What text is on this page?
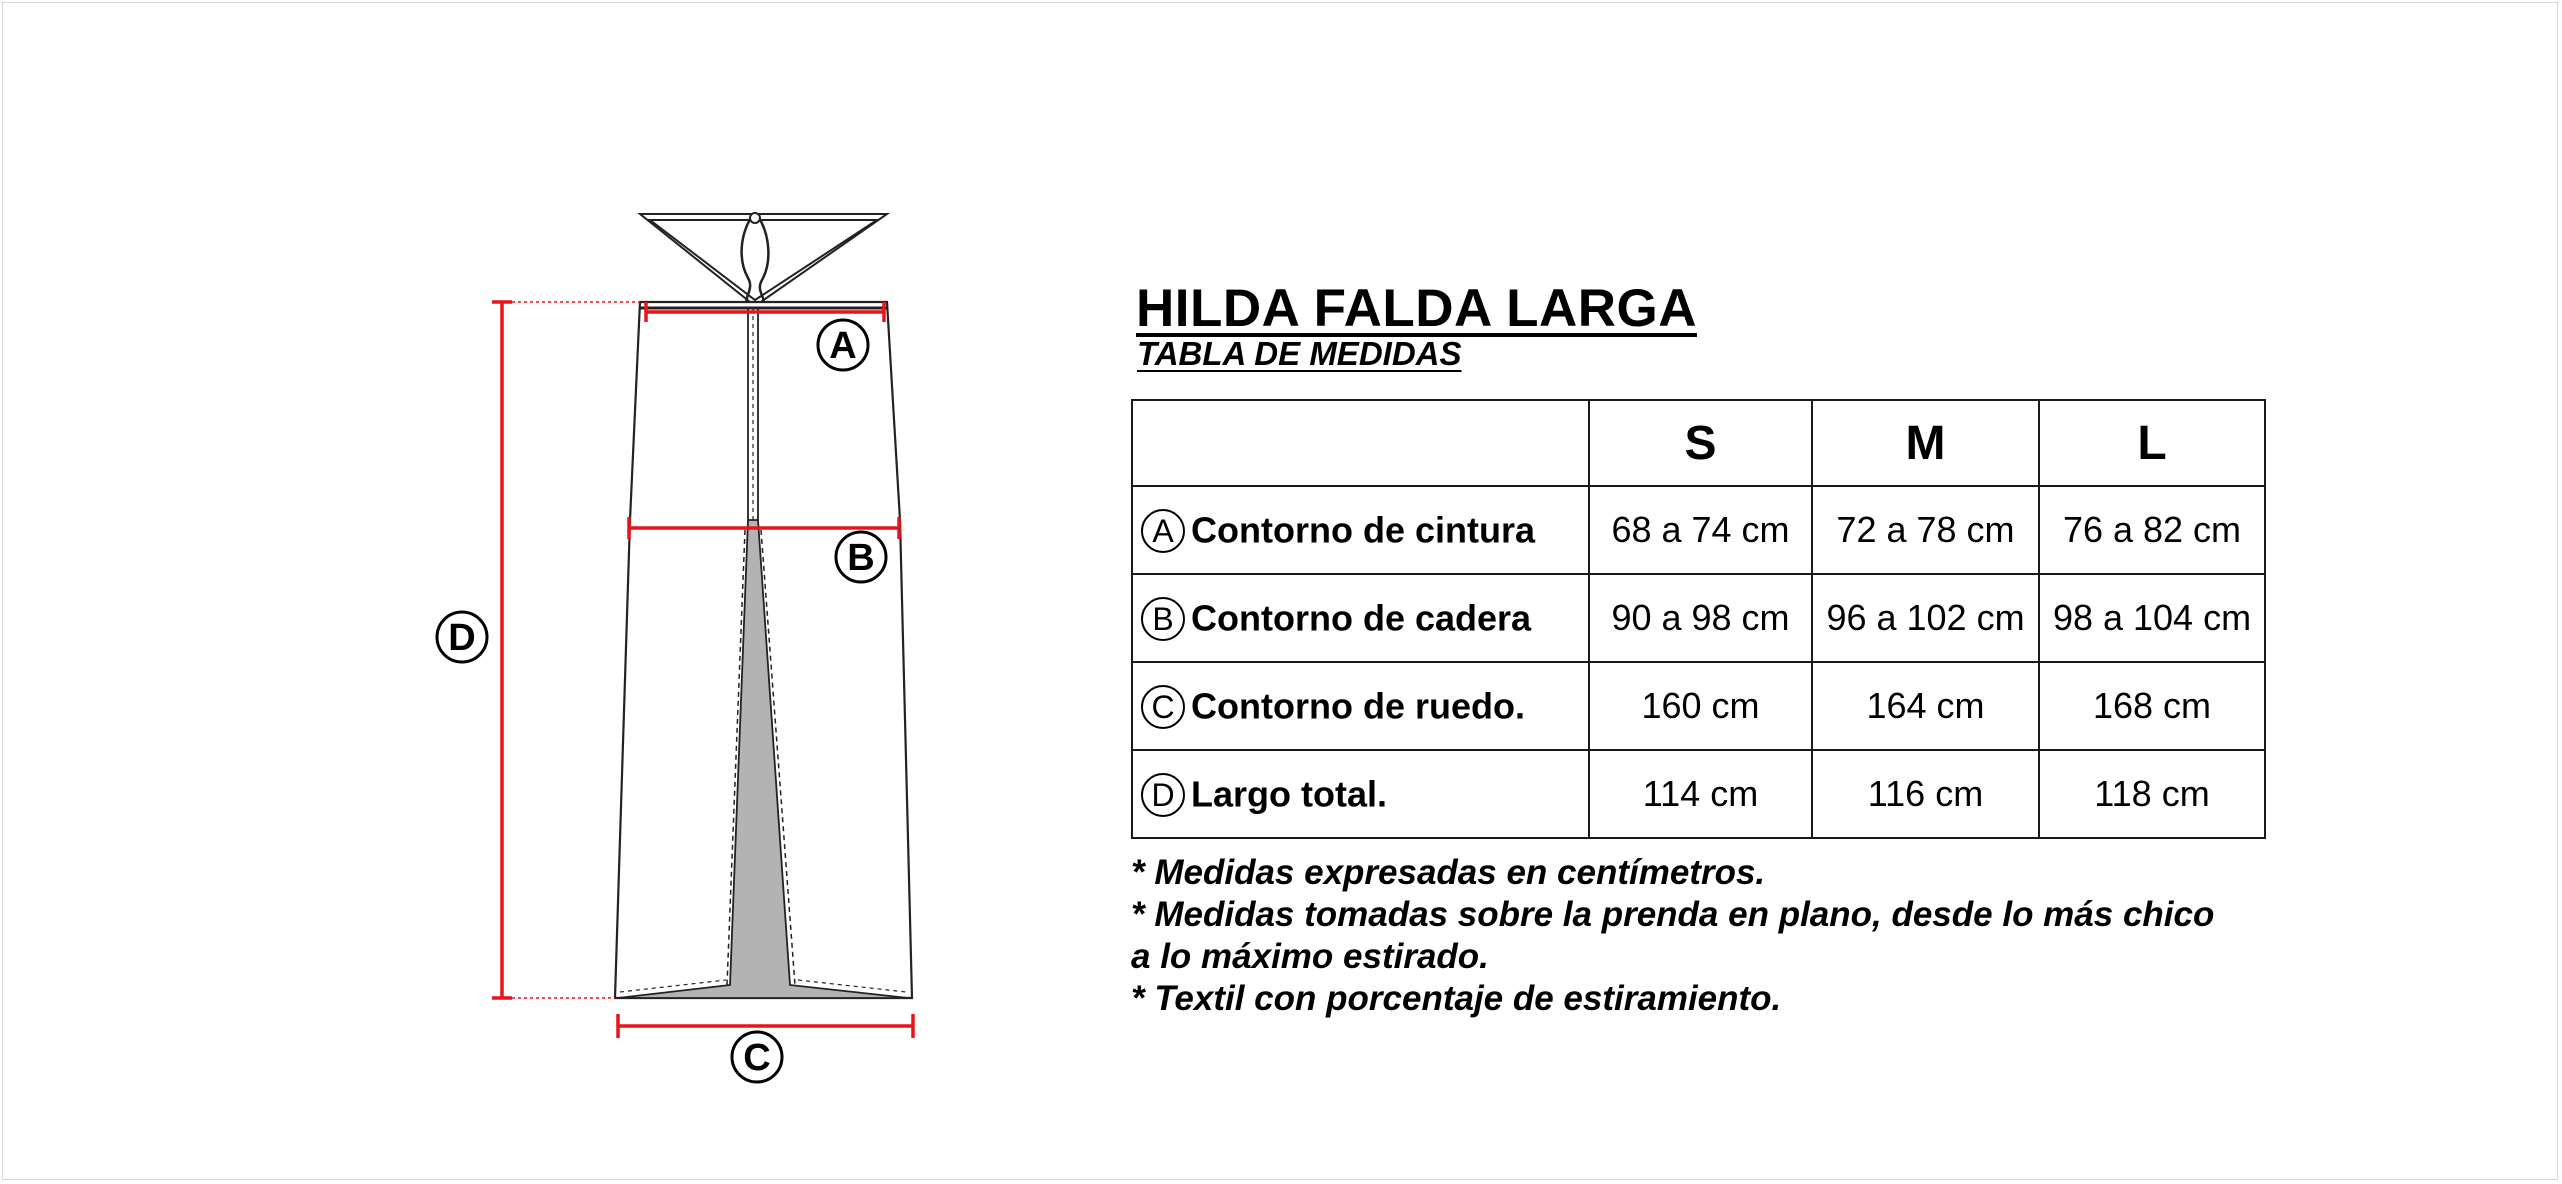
A
B
C
D
HILDA FALDA LARGA
TABLA DE MEDIDAS
	S	M	L
A Contorno de cintura	68 a 74 cm	72 a 78 cm	76 a 82 cm
B Contorno de cadera	90 a 98 cm	96 a 102 cm	98 a 104 cm
C Contorno de ruedo.	160 cm	164 cm	168 cm
D Largo total.	114 cm	116 cm	118 cm
* Medidas expresadas en centímetros.
* Medidas tomadas sobre la prenda en plano, desde lo más chico
a lo máximo estirado.
* Textil con porcentaje de estiramiento.
